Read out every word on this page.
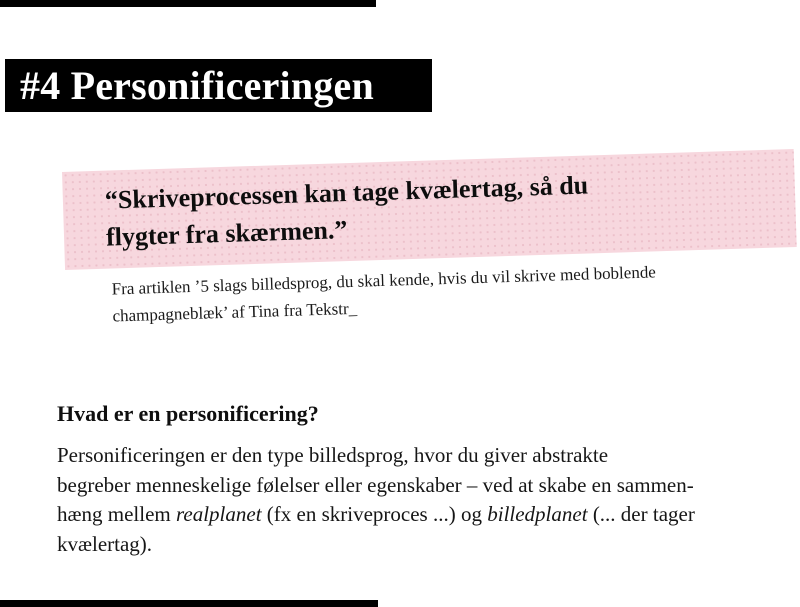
#4 Personificeringen
“Skriveprocessen kan tage kvælertag, så du
flygter fra skærmen.”
Fra artiklen ’5 slags billedsprog, du skal kende, hvis du vil skrive med boblende
champagneblæk’ af Tina fra Tekstr_
Hvad er en personificering?
Personificeringen er den type billedsprog, hvor du giver abstrakte
begreber menneskelige følelser eller egenskaber – ved at skabe en sammen-
hæng mellem realplanet (fx en skriveproces ...) og billedplanet (... der tager
kvælertag).
